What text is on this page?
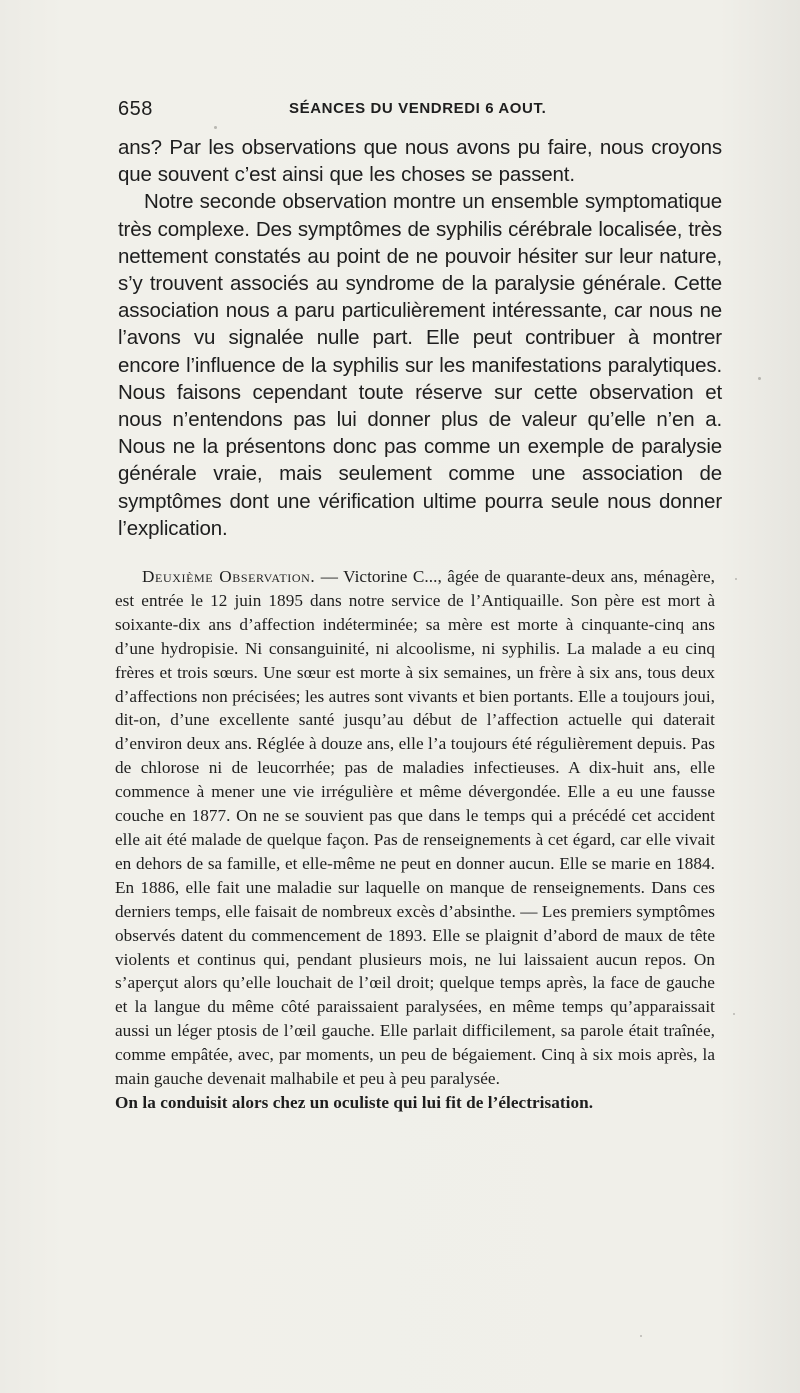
658	SÉANCES DU VENDREDI 6 AOUT.

ans? Par les observations que nous avons pu faire, nous croyons que souvent c’est ainsi que les choses se passent.

Notre seconde observation montre un ensemble symptomatique très complexe. Des symptômes de syphilis cérébrale localisée, très nettement constatés au point de ne pouvoir hésiter sur leur nature, s’y trouvent associés au syndrome de la paralysie générale. Cette association nous a paru particulièrement intéressante, car nous ne l’avons vu signalée nulle part. Elle peut contribuer à montrer encore l’influence de la syphilis sur les manifestations paralytiques. Nous faisons cependant toute réserve sur cette observation et nous n’entendons pas lui donner plus de valeur qu’elle n’en a. Nous ne la présentons donc pas comme un exemple de paralysie générale vraie, mais seulement comme une association de symptômes dont une vérification ultime pourra seule nous donner l’explication.

Deuxième Observation. — Victorine C..., âgée de quarante-deux ans, ménagère, est entrée le 12 juin 1895 dans notre service de l’Antiquaille. Son père est mort à soixante-dix ans d’affection indéterminée; sa mère est morte à cinquante-cinq ans d’une hydropisie. Ni consanguinité, ni alcoolisme, ni syphilis. La malade a eu cinq frères et trois sœurs. Une sœur est morte à six semaines, un frère à six ans, tous deux d’affections non précisées; les autres sont vivants et bien portants. Elle a toujours joui, dit-on, d’une excellente santé jusqu’au début de l’affection actuelle qui daterait d’environ deux ans. Réglée à douze ans, elle l’a toujours été régulièrement depuis. Pas de chlorose ni de leucorrhée; pas de maladies infectieuses. A dix-huit ans, elle commence à mener une vie irrégulière et même dévergondée. Elle a eu une fausse couche en 1877. On ne se souvient pas que dans le temps qui a précédé cet accident elle ait été malade de quelque façon. Pas de renseignements à cet égard, car elle vivait en dehors de sa famille, et elle-même ne peut en donner aucun. Elle se marie en 1884. En 1886, elle fait une maladie sur laquelle on manque de renseignements. Dans ces derniers temps, elle faisait de nombreux excès d’absinthe. — Les premiers symptômes observés datent du commencement de 1893. Elle se plaignit d’abord de maux de tête violents et continus qui, pendant plusieurs mois, ne lui laissaient aucun repos. On s’aperçut alors qu’elle louchait de l’œil droit; quelque temps après, la face de gauche et la langue du même côté paraissaient paralysées, en même temps qu’apparaissait aussi un léger ptosis de l’œil gauche. Elle parlait difficilement, sa parole était traînée, comme empâtée, avec, par moments, un peu de bégaiement. Cinq à six mois après, la main gauche devenait malhabile et peu à peu paralysée.

On la conduisit alors chez un oculiste qui lui fit de l’électrisation.
